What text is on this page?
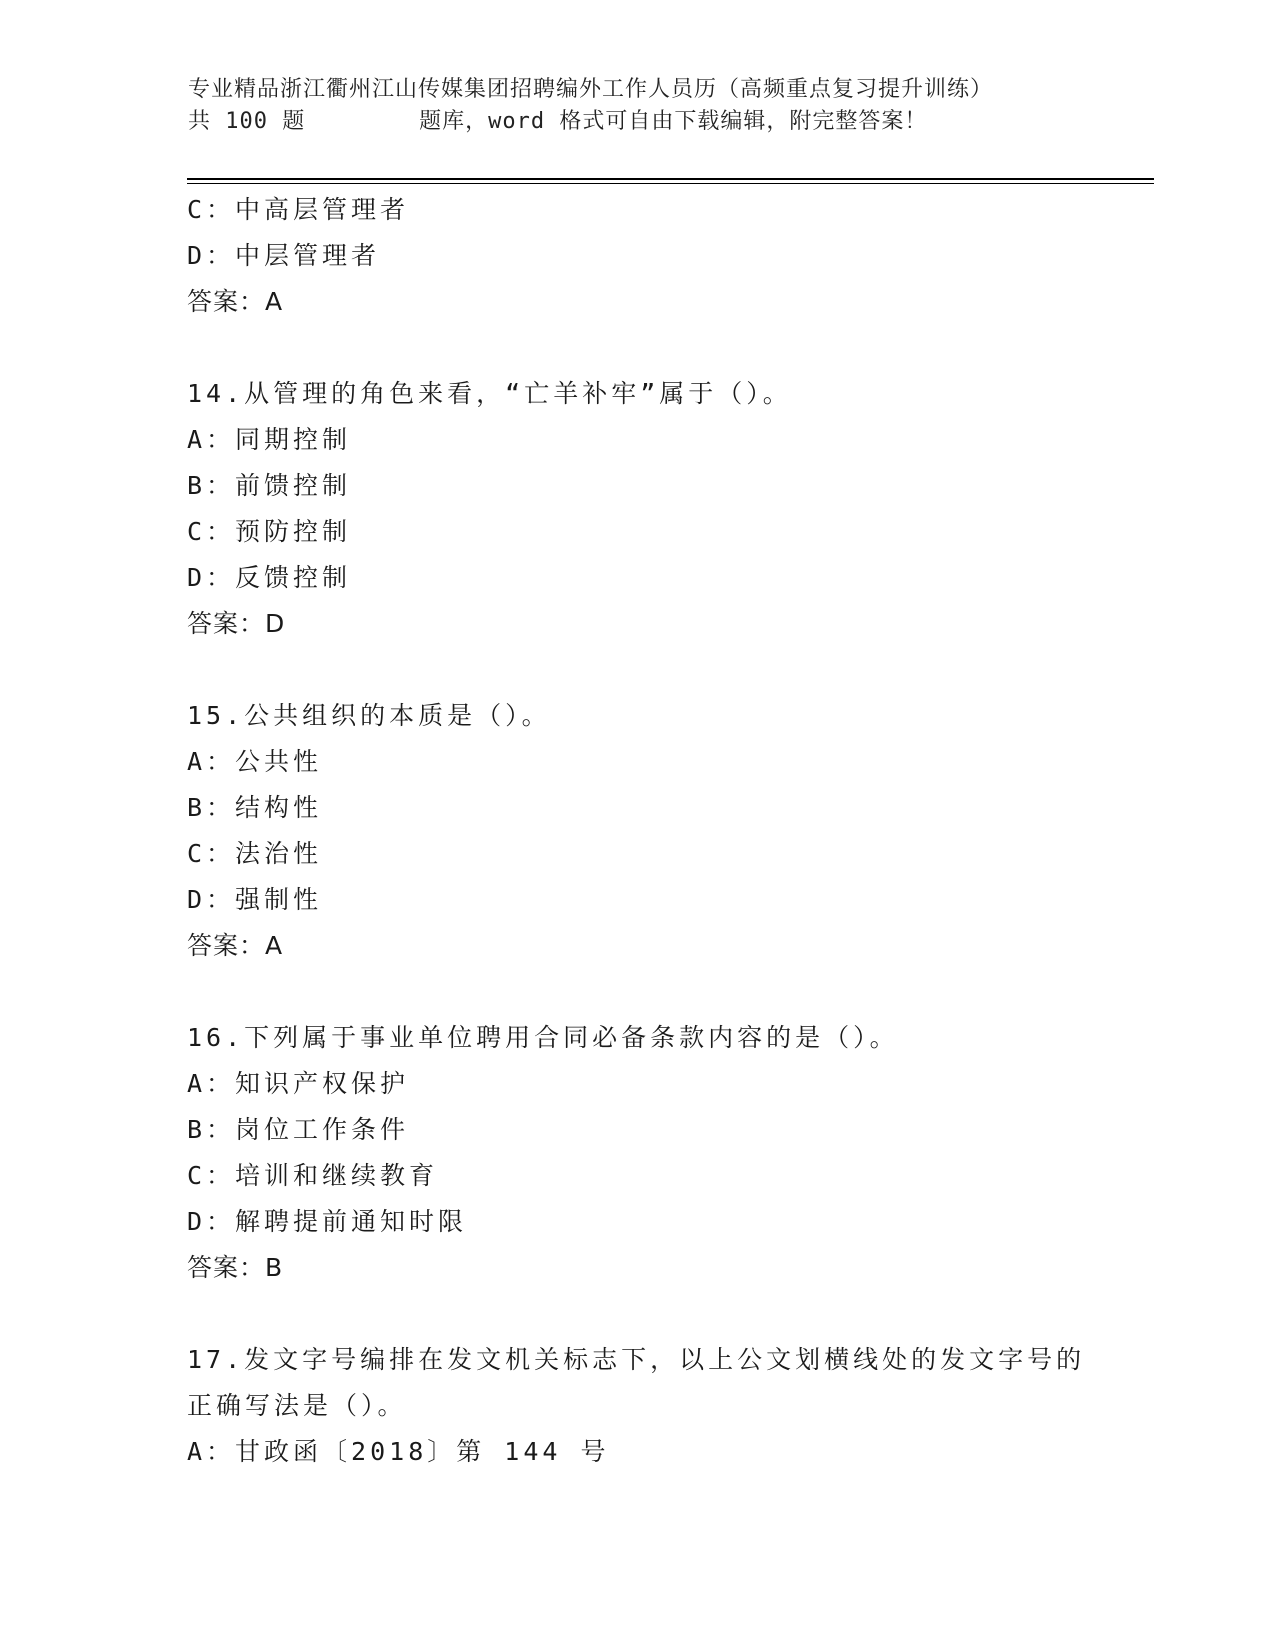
专业精品浙江衢州江山传媒集团招聘编外工作人员历（高频重点复习提升训练）
共 100 题        题库，word 格式可自由下载编辑，附完整答案！
C：中高层管理者
D：中层管理者
答案：A
14.从管理的角色来看，“亡羊补牢”属于（）。
A：同期控制
B：前馈控制
C：预防控制
D：反馈控制
答案：D
15.公共组织的本质是（）。
A：公共性
B：结构性
C：法治性
D：强制性
答案：A
16.下列属于事业单位聘用合同必备条款内容的是（）。
A：知识产权保护
B：岗位工作条件
C：培训和继续教育
D：解聘提前通知时限
答案：B
17.发文字号编排在发文机关标志下，以上公文划横线处的发文字号的
正确写法是（）。
A：甘政函〔2018〕第 144 号
